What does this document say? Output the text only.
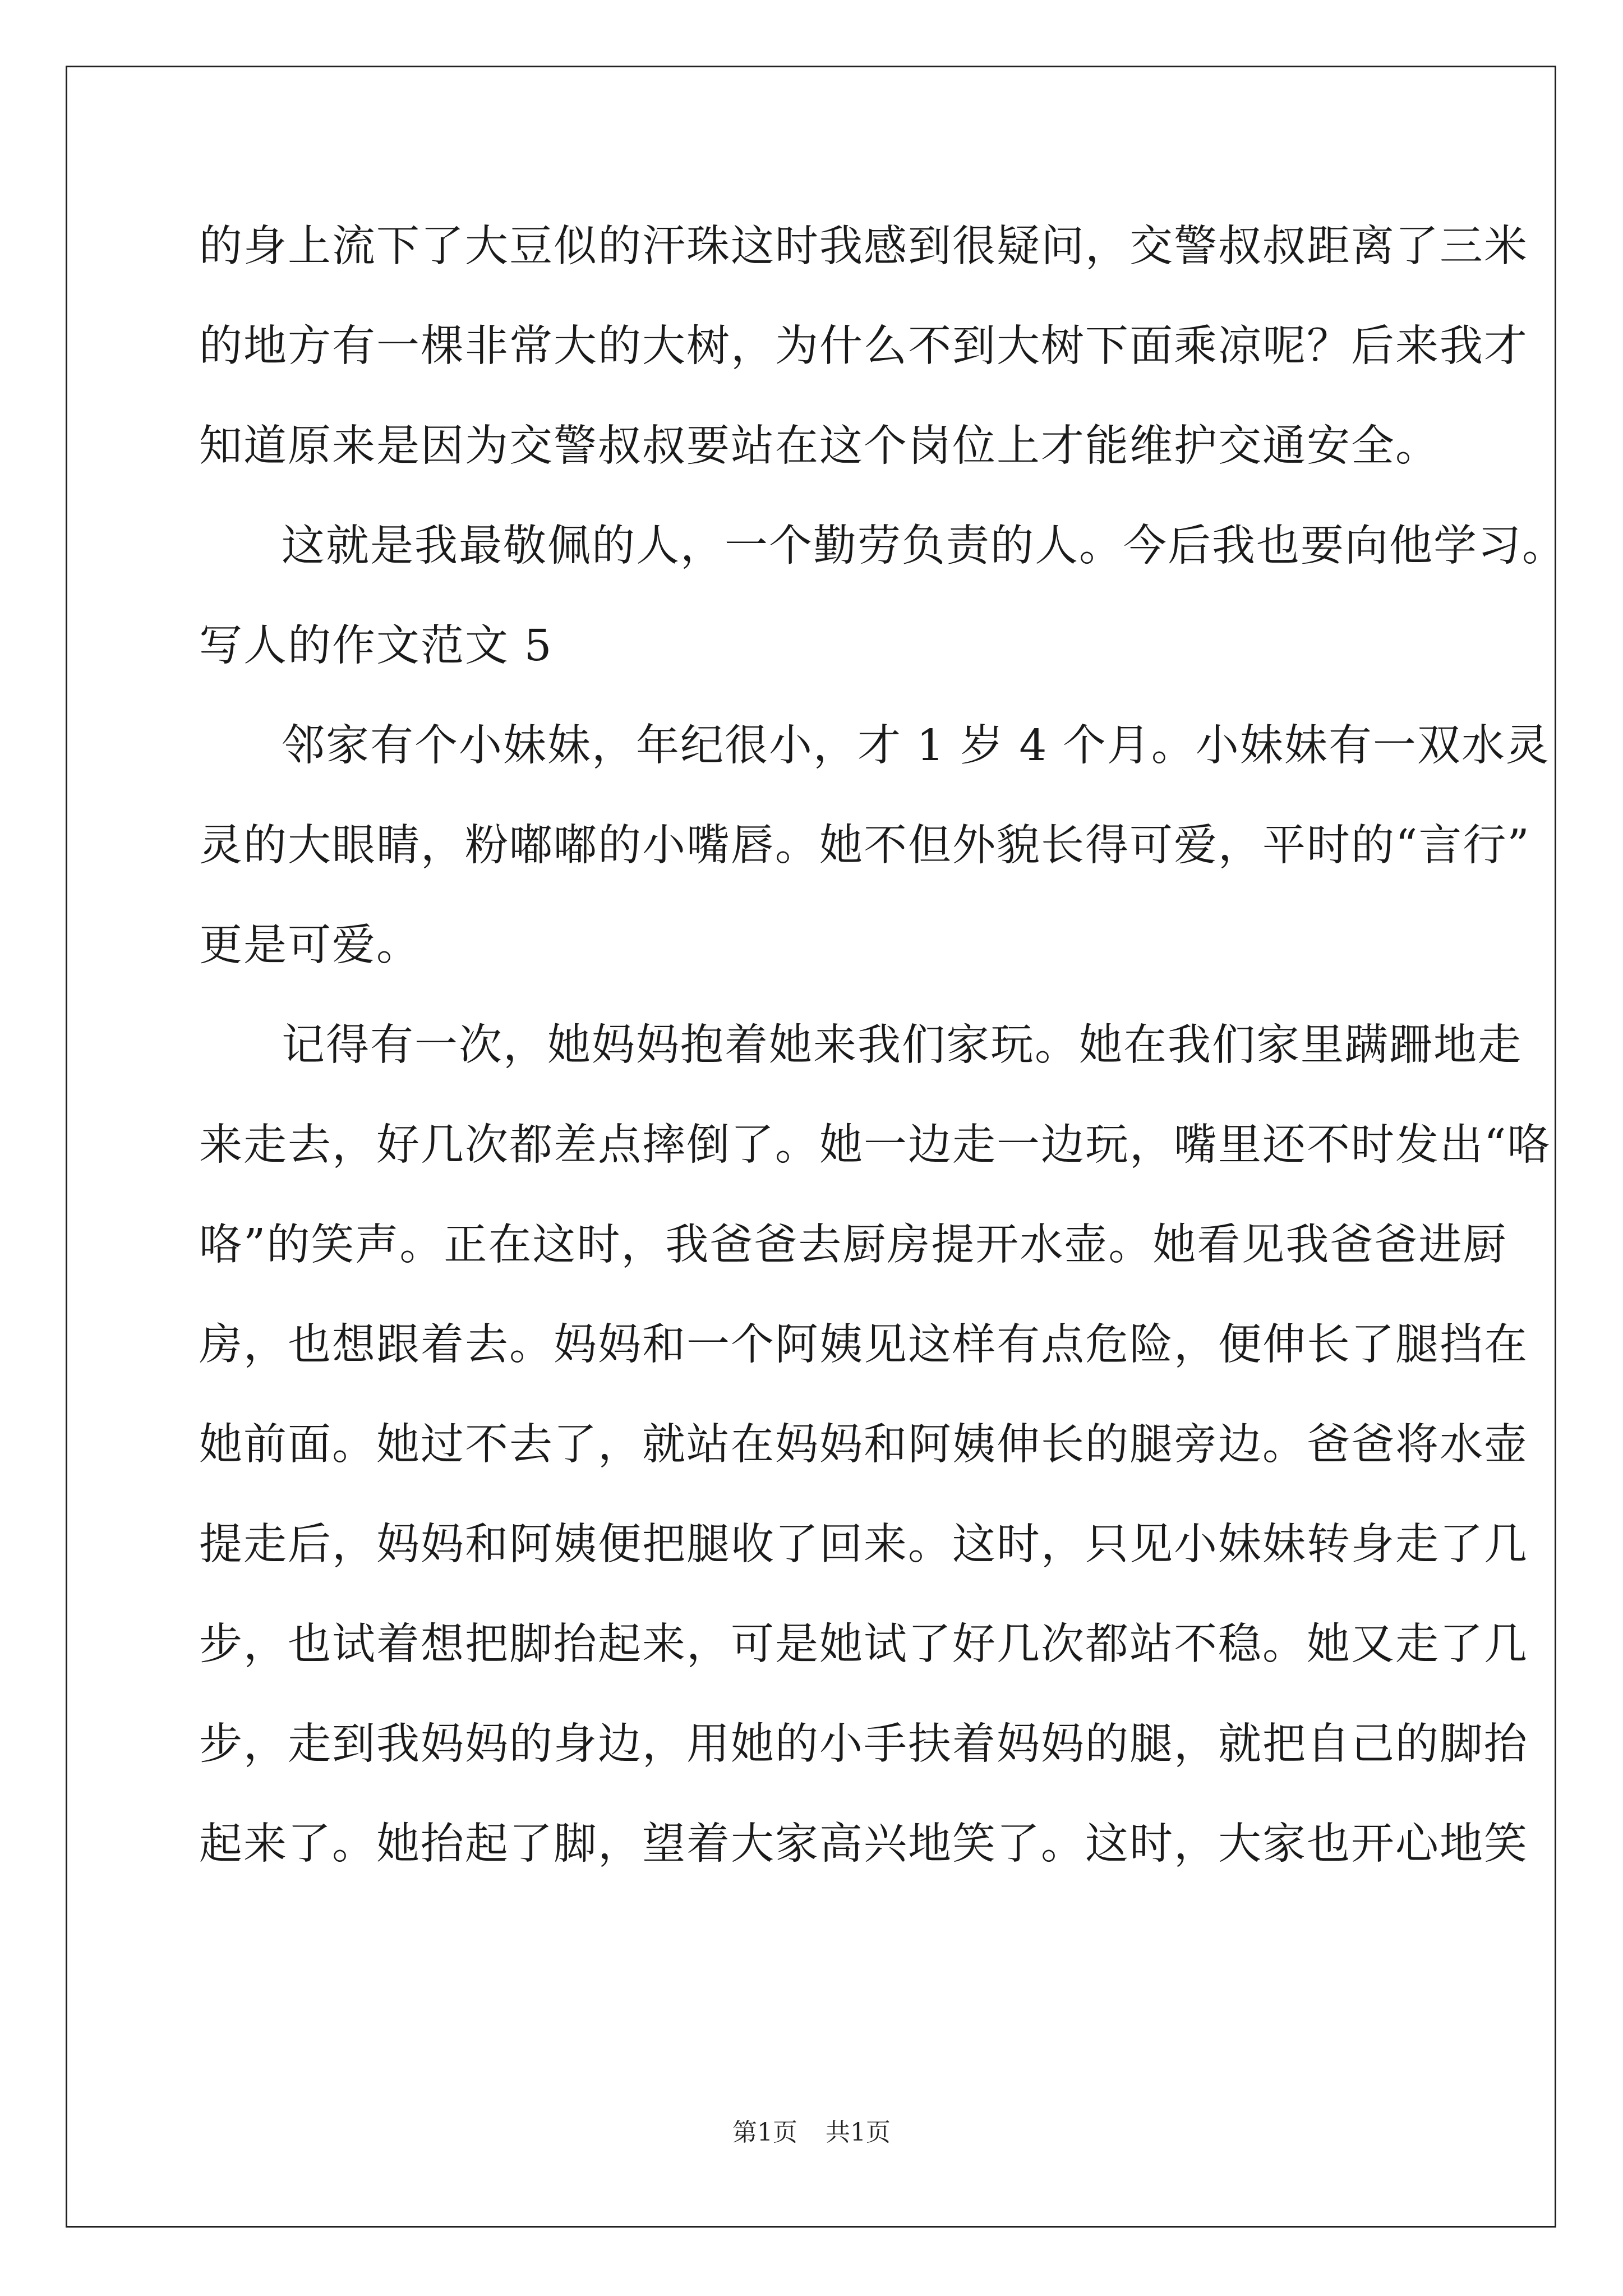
的身上流下了大豆似的汗珠这时我感到很疑问，交警叔叔距离了三米
的地方有一棵非常大的大树，为什么不到大树下面乘凉呢？后来我才
知道原来是因为交警叔叔要站在这个岗位上才能维护交通安全。
这就是我最敬佩的人，一个勤劳负责的人。今后我也要向他学习。
写人的作文范文 5
邻家有个小妹妹，年纪很小，才 1 岁 4 个月。小妹妹有一双水灵
灵的大眼睛，粉嘟嘟的小嘴唇。她不但外貌长得可爱，平时的“言行”
更是可爱。
记得有一次，她妈妈抱着她来我们家玩。她在我们家里蹒跚地走
来走去，好几次都差点摔倒了。她一边走一边玩，嘴里还不时发出“咯
咯”的笑声。正在这时，我爸爸去厨房提开水壶。她看见我爸爸进厨
房，也想跟着去。妈妈和一个阿姨见这样有点危险，便伸长了腿挡在
她前面。她过不去了，就站在妈妈和阿姨伸长的腿旁边。爸爸将水壶
提走后，妈妈和阿姨便把腿收了回来。这时，只见小妹妹转身走了几
步，也试着想把脚抬起来，可是她试了好几次都站不稳。她又走了几
步，走到我妈妈的身边，用她的小手扶着妈妈的腿，就把自己的脚抬
起来了。她抬起了脚，望着大家高兴地笑了。这时，大家也开心地笑
第1页 共1页
